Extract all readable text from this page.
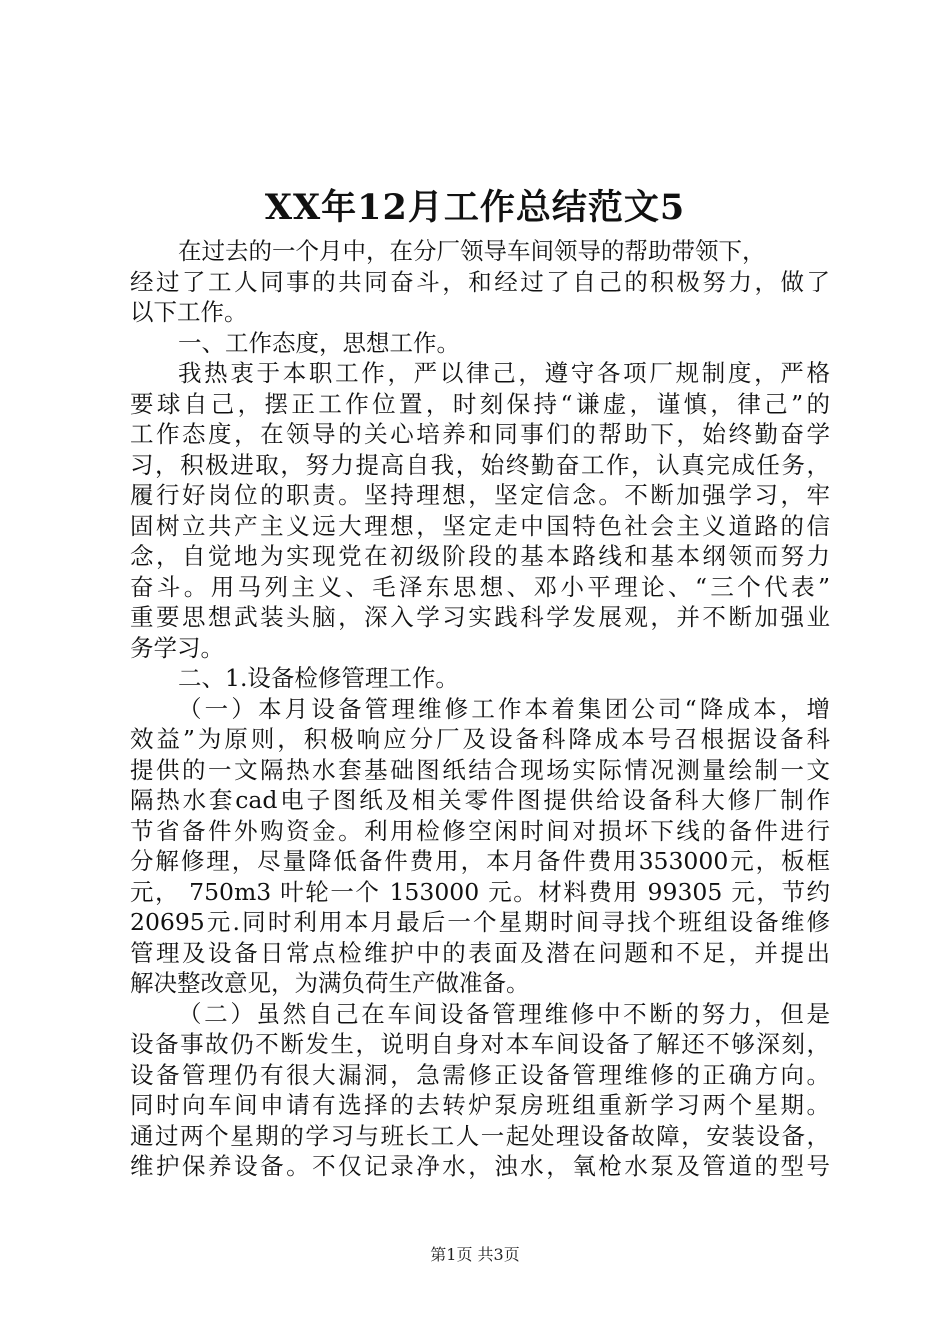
XX年12月工作总结范文5
在过去的一个月中，在分厂领导车间领导的帮助带领下，
经过了工人同事的共同奋斗，和经过了自己的积极努力，做了
以下工作。
一、工作态度，思想工作。
我热衷于本职工作，严以律己，遵守各项厂规制度，严格
要球自己，摆正工作位置，时刻保持“谦虚，谨慎，律己”的
工作态度，在领导的关心培养和同事们的帮助下，始终勤奋学
习，积极进取，努力提高自我，始终勤奋工作，认真完成任务，
履行好岗位的职责。坚持理想，坚定信念。不断加强学习，牢
固树立共产主义远大理想，坚定走中国特色社会主义道路的信
念，自觉地为实现党在初级阶段的基本路线和基本纲领而努力
奋斗。用马列主义、毛泽东思想、邓小平理论、“三个代表”
重要思想武装头脑，深入学习实践科学发展观，并不断加强业
务学习。
二、1.设备检修管理工作。
（一）本月设备管理维修工作本着集团公司“降成本，增
效益”为原则，积极响应分厂及设备科降成本号召根据设备科
提供的一文隔热水套基础图纸结合现场实际情况测量绘制一文
隔热水套cad电子图纸及相关零件图提供给设备科大修厂制作
节省备件外购资金。利用检修空闲时间对损坏下线的备件进行
分解修理，尽量降低备件费用，本月备件费用353000元，板框
元， 750m3 叶轮一个 153000 元。材料费用 99305 元，节约
20695元.同时利用本月最后一个星期时间寻找个班组设备维修
管理及设备日常点检维护中的表面及潜在问题和不足，并提出
解决整改意见，为满负荷生产做准备。
（二）虽然自己在车间设备管理维修中不断的努力，但是
设备事故仍不断发生，说明自身对本车间设备了解还不够深刻，
设备管理仍有很大漏洞，急需修正设备管理维修的正确方向。
同时向车间申请有选择的去转炉泵房班组重新学习两个星期。
通过两个星期的学习与班长工人一起处理设备故障，安装设备，
维护保养设备。不仅记录净水，浊水，氧枪水泵及管道的型号
第1页 共3页
